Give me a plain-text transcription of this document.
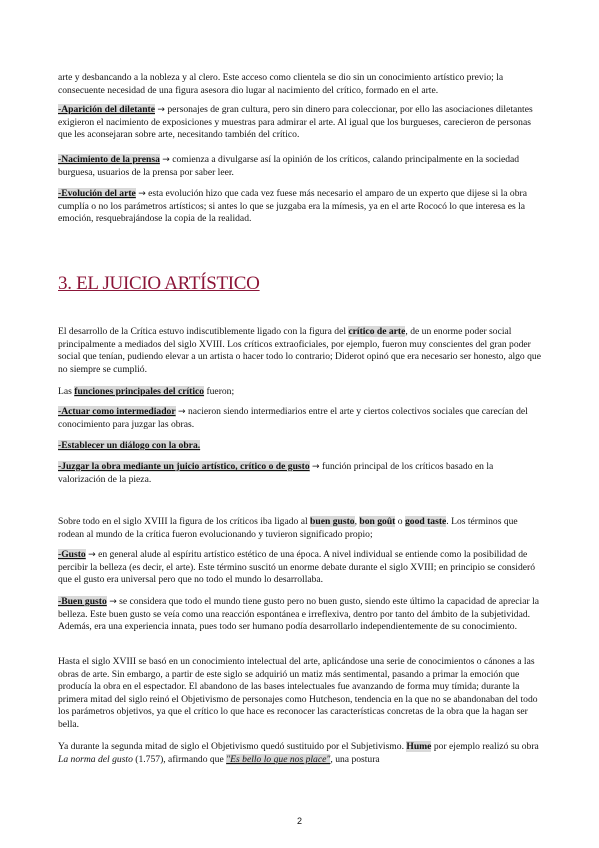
arte y desbancando a la nobleza y al clero. Este acceso como clientela se dio sin un conocimiento artístico previo; la consecuente necesidad de una figura asesora dio lugar al nacimiento del crítico, formado en el arte.

-Aparición del diletante → personajes de gran cultura, pero sin dinero para coleccionar, por ello las asociaciones diletantes exigieron el nacimiento de exposiciones y muestras para admirar el arte. Al igual que los burgueses, carecieron de personas que les aconsejaran sobre arte, necesitando también del crítico.

-Nacimiento de la prensa → comienza a divulgarse así la opinión de los críticos, calando principalmente en la sociedad burguesa, usuarios de la prensa por saber leer.

-Evolución del arte → esta evolución hizo que cada vez fuese más necesario el amparo de un experto que dijese si la obra cumplía o no los parámetros artísticos; si antes lo que se juzgaba era la mímesis, ya en el arte Rococó lo que interesa es la emoción, resquebrajándose la copia de la realidad.

3. EL JUICIO ARTÍSTICO

El desarrollo de la Crítica estuvo indiscutiblemente ligado con la figura del crítico de arte, de un enorme poder social principalmente a mediados del siglo XVIII. Los críticos extraoficiales, por ejemplo, fueron muy conscientes del gran poder social que tenían, pudiendo elevar a un artista o hacer todo lo contrario; Diderot opinó que era necesario ser honesto, algo que no siempre se cumplió.

Las funciones principales del crítico fueron;

-Actuar como intermediador → nacieron siendo intermediarios entre el arte y ciertos colectivos sociales que carecían del conocimiento para juzgar las obras.

-Establecer un diálogo con la obra.

-Juzgar la obra mediante un juicio artístico, crítico o de gusto → función principal de los críticos basado en la valorización de la pieza.

Sobre todo en el siglo XVIII la figura de los críticos iba ligado al buen gusto, bon goût o good taste. Los términos que rodean al mundo de la crítica fueron evolucionando y tuvieron significado propio;

-Gusto → en general alude al espíritu artístico estético de una época. A nivel individual se entiende como la posibilidad de percibir la belleza (es decir, el arte). Este término suscitó un enorme debate durante el siglo XVIII; en principio se consideró que el gusto era universal pero que no todo el mundo lo desarrollaba.

-Buen gusto → se considera que todo el mundo tiene gusto pero no buen gusto, siendo este último la capacidad de apreciar la belleza. Este buen gusto se veía como una reacción espontánea e irreflexiva, dentro por tanto del ámbito de la subjetividad. Además, era una experiencia innata, pues todo ser humano podía desarrollarlo independientemente de su conocimiento.

Hasta el siglo XVIII se basó en un conocimiento intelectual del arte, aplicándose una serie de conocimientos o cánones a las obras de arte. Sin embargo, a partir de este siglo se adquirió un matiz más sentimental, pasando a primar la emoción que producía la obra en el espectador. El abandono de las bases intelectuales fue avanzando de forma muy tímida; durante la primera mitad del siglo reinó el Objetivismo de personajes como Hutcheson, tendencia en la que no se abandonaban del todo los parámetros objetivos, ya que el crítico lo que hace es reconocer las características concretas de la obra que la hagan ser bella.

Ya durante la segunda mitad de siglo el Objetivismo quedó sustituido por el Subjetivismo. Hume por ejemplo realizó su obra La norma del gusto (1.757), afirmando que "Es bello lo que nos place", una postura

2
